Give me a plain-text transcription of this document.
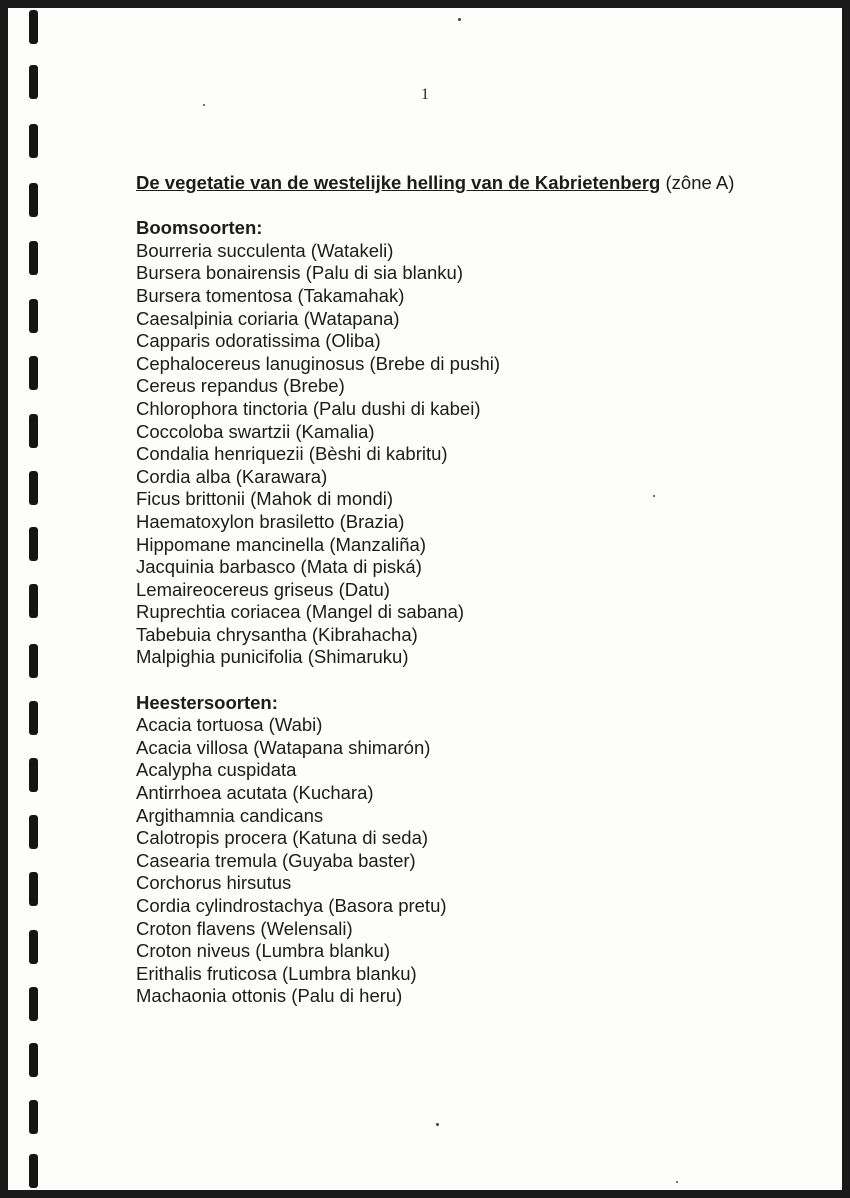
1
De vegetatie van de westelijke helling van de Kabrietenberg (zône A)
Boomsoorten:
Bourreria succulenta (Watakeli)
Bursera bonairensis (Palu di sia blanku)
Bursera tomentosa (Takamahak)
Caesalpinia coriaria (Watapana)
Capparis odoratissima (Oliba)
Cephalocereus lanuginosus (Brebe di pushi)
Cereus repandus (Brebe)
Chlorophora tinctoria (Palu dushi di kabei)
Coccoloba swartzii (Kamalia)
Condalia henriquezii (Bèshi di kabritu)
Cordia alba (Karawara)
Ficus brittonii (Mahok di mondi)
Haematoxylon brasiletto (Brazia)
Hippomane mancinella (Manzaliña)
Jacquinia barbasco (Mata di piská)
Lemaireocereus griseus (Datu)
Ruprechtia coriacea (Mangel di sabana)
Tabebuia chrysantha (Kibrahacha)
Malpighia punicifolia (Shimaruku)
Heestersoorten:
Acacia tortuosa (Wabi)
Acacia villosa (Watapana shimarón)
Acalypha cuspidata
Antirrhoea acutata (Kuchara)
Argithamnia candicans
Calotropis procera (Katuna di seda)
Casearia tremula (Guyaba baster)
Corchorus hirsutus
Cordia cylindrostachya (Basora pretu)
Croton flavens (Welensali)
Croton niveus (Lumbra blanku)
Erithalis fruticosa (Lumbra blanku)
Machaonia ottonis (Palu di heru)
